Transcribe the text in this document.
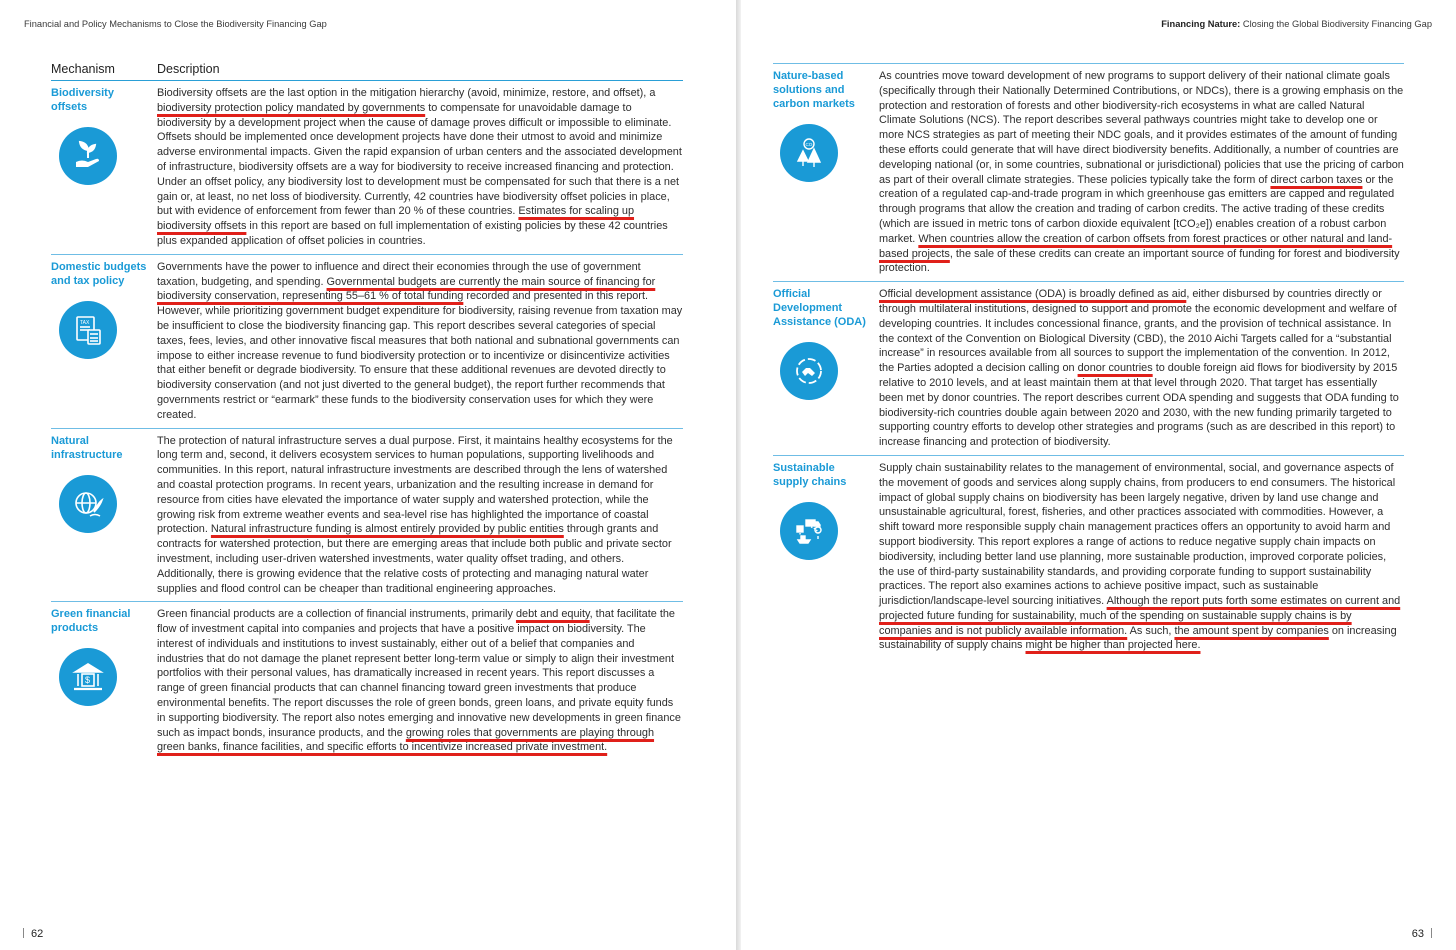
Financial and Policy Mechanisms to Close the Biodiversity Financing Gap
Mechanism	Description
Biodiversity offsets
Biodiversity offsets are the last option in the mitigation hierarchy (avoid, minimize, restore, and offset), a biodiversity protection policy mandated by governments to compensate for unavoidable damage to biodiversity by a development project when the cause of damage proves difficult or impossible to eliminate. Offsets should be implemented once development projects have done their utmost to avoid and minimize adverse environmental impacts. Given the rapid expansion of urban centers and the associated development of infrastructure, biodiversity offsets are a way for biodiversity to receive increased financing and protection. Under an offset policy, any biodiversity lost to development must be compensated for such that there is a net gain or, at least, no net loss of biodiversity. Currently, 42 countries have biodiversity offset policies in place, but with evidence of enforcement from fewer than 20 % of these countries. Estimates for scaling up biodiversity offsets in this report are based on full implementation of existing policies by these 42 countries plus expanded application of offset policies in countries.
Domestic budgets and tax policy
TAX
Governments have the power to influence and direct their economies through the use of government taxation, budgeting, and spending. Governmental budgets are currently the main source of financing for biodiversity conservation, representing 55–61 % of total funding recorded and presented in this report. However, while prioritizing government budget expenditure for biodiversity, raising revenue from taxation may be insufficient to close the biodiversity financing gap. This report describes several categories of special taxes, fees, levies, and other innovative fiscal measures that both national and subnational governments can impose to either increase revenue to fund biodiversity protection or to incentivize or disincentivize activities that either benefit or degrade biodiversity. To ensure that these additional revenues are devoted directly to biodiversity conservation (and not just diverted to the general budget), the report further recommends that governments restrict or “earmark” these funds to the biodiversity conservation uses for which they were created.
Natural infrastructure
The protection of natural infrastructure serves a dual purpose. First, it maintains healthy ecosystems for the long term and, second, it delivers ecosystem services to human populations, supporting livelihoods and communities. In this report, natural infrastructure investments are described through the lens of watershed and coastal protection programs. In recent years, urbanization and the resulting increase in demand for resource from cities have elevated the importance of water supply and watershed protection, while the growing risk from extreme weather events and sea-level rise has highlighted the importance of coastal protection. Natural infrastructure funding is almost entirely provided by public entities through grants and contracts for watershed protection, but there are emerging areas that include both public and private sector investment, including user-driven watershed investments, water quality offset trading, and others. Additionally, there is growing evidence that the relative costs of protecting and managing natural water supplies and flood control can be cheaper than traditional engineering approaches.
Green financial products
$
Green financial products are a collection of financial instruments, primarily debt and equity, that facilitate the flow of investment capital into companies and projects that have a positive impact on biodiversity. The interest of individuals and institutions to invest sustainably, either out of a belief that companies and industries that do not damage the planet represent better long-term value or simply to align their investment portfolios with their personal values, has dramatically increased in recent years. This report discusses a range of green financial products that can channel financing toward green investments that produce environmental benefits. The report discusses the role of green bonds, green loans, and private equity funds in supporting biodiversity. The report also notes emerging and innovative new developments in green finance such as impact bonds, insurance products, and the growing roles that governments are playing through green banks, finance facilities, and specific efforts to incentivize increased private investment.
62
Financing Nature: Closing the Global Biodiversity Financing Gap
Nature-based solutions and carbon markets
CO₂
As countries move toward development of new programs to support delivery of their national climate goals (specifically through their Nationally Determined Contributions, or NDCs), there is a growing emphasis on the protection and restoration of forests and other biodiversity-rich ecosystems in what are called Natural Climate Solutions (NCS). The report describes several pathways countries might take to develop one or more NCS strategies as part of meeting their NDC goals, and it provides estimates of the amount of funding these efforts could generate that will have direct biodiversity benefits. Additionally, a number of countries are developing national (or, in some countries, subnational or jurisdictional) policies that use the pricing of carbon as part of their overall climate strategies. These policies typically take the form of direct carbon taxes or the creation of a regulated cap-and-trade program in which greenhouse gas emitters are capped and regulated through programs that allow the creation and trading of carbon credits. The active trading of these credits (which are issued in metric tons of carbon dioxide equivalent [tCO₂e]) enables creation of a robust carbon market. When countries allow the creation of carbon offsets from forest practices or other natural and land-based projects, the sale of these credits can create an important source of funding for forest and biodiversity protection.
Official Development Assistance (ODA)
Official development assistance (ODA) is broadly defined as aid, either disbursed by countries directly or through multilateral institutions, designed to support and promote the economic development and welfare of developing countries. It includes concessional finance, grants, and the provision of technical assistance. In the context of the Convention on Biological Diversity (CBD), the 2010 Aichi Targets called for a “substantial increase” in resources available from all sources to support the implementation of the convention. In 2012, the Parties adopted a decision calling on donor countries to double foreign aid flows for biodiversity by 2015 relative to 2010 levels, and at least maintain them at that level through 2020. That target has essentially been met by donor countries. The report describes current ODA spending and suggests that ODA funding to biodiversity-rich countries double again between 2020 and 2030, with the new funding primarily targeted to supporting country efforts to develop other strategies and programs (such as are described in this report) to increase financing and protection of biodiversity.
Sustainable supply chains
Supply chain sustainability relates to the management of environmental, social, and governance aspects of the movement of goods and services along supply chains, from producers to end consumers. The historical impact of global supply chains on biodiversity has been largely negative, driven by land use change and unsustainable agricultural, forest, fisheries, and other practices associated with commodities. However, a shift toward more responsible supply chain management practices offers an opportunity to avoid harm and support biodiversity. This report explores a range of actions to reduce negative supply chain impacts on biodiversity, including better land use planning, more sustainable production, improved corporate policies, the use of third-party sustainability standards, and providing corporate funding to support sustainability practices. The report also examines actions to achieve positive impact, such as sustainable jurisdiction/landscape-level sourcing initiatives. Although the report puts forth some estimates on current and projected future funding for sustainability, much of the spending on sustainable supply chains is by companies and is not publicly available information. As such, the amount spent by companies on increasing sustainability of supply chains might be higher than projected here.
63
